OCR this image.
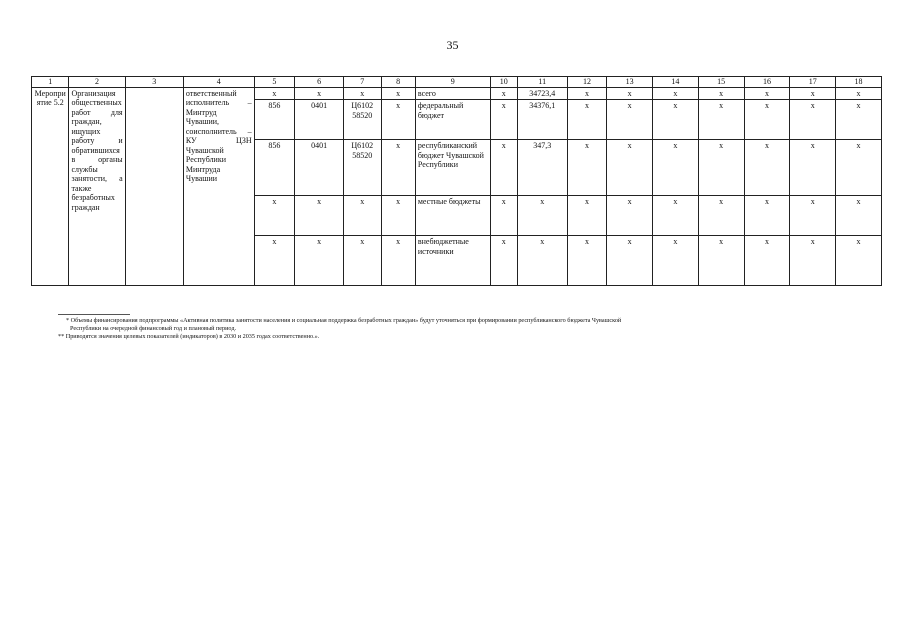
35
1	2	3	4	5	6	7	8	9	10	11	12	13	14	15	16	17	18
Мероприятие 5.2	Организация общественных работ для граждан, ищущих работу и обратившихся в органы службы занятости, а также безработных граждан		ответственный исполнитель – Минтруд Чувашии, соисполнитель – КУ ЦЗН Чувашской Республики Минтруда Чувашии	x	x	x	x	всего	x	34723,4	x	x	x	x	x	x	x
				856	0401	Ц6102 58520	x	федеральный бюджет	x	34376,1	x	x	x	x	x	x	x
				856	0401	Ц6102 58520	x	республиканский бюджет Чувашской Республики	x	347,3	x	x	x	x	x	x	x
				x	x	x	x	местные бюджеты	x	x	x	x	x	x	x	x	x
				x	x	x	x	внебюджетные источники	x	x	x	x	x	x	x	x	x
* Объемы финансирования подпрограммы «Активная политика занятости населения и социальная поддержка безработных граждан» будут уточняться при формировании республиканского бюджета Чувашской
Республики на очередной финансовый год и плановый период.
** Приводятся значения целевых показателей (индикаторов) в 2030 и 2035 годах соответственно.».
